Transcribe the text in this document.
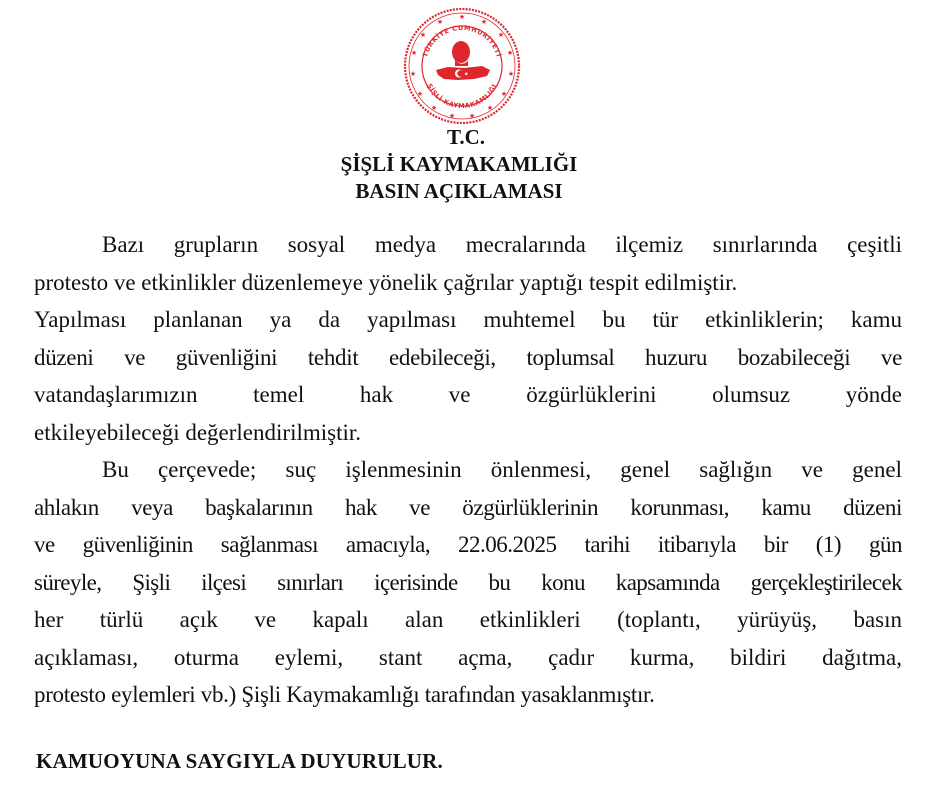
★
★
★
★
★
★
★
★
★
★
★
★
★
★
★
TÜRKİYE CUMHURİYETİ
ŞİŞLİ KAYMAKAMLIĞI
★
T.C.
ŞİŞLİ KAYMAKAMLIĞI
BASIN AÇIKLAMASI
Bazı grupların sosyal medya mecralarında ilçemiz sınırlarında çeşitli
protesto ve etkinlikler düzenlemeye yönelik çağrılar yaptığı tespit edilmiştir.
Yapılması planlanan ya da yapılması muhtemel bu tür etkinliklerin; kamu
düzeni ve güvenliğini tehdit edebileceği, toplumsal huzuru bozabileceği ve
vatandaşlarımızın temel hak ve özgürlüklerini olumsuz yönde
etkileyebileceği değerlendirilmiştir.
Bu çerçevede; suç işlenmesinin önlenmesi, genel sağlığın ve genel
ahlakın veya başkalarının hak ve özgürlüklerinin korunması, kamu düzeni
ve güvenliğinin sağlanması amacıyla, 22.06.2025 tarihi itibarıyla bir (1) gün
süreyle, Şişli ilçesi sınırları içerisinde bu konu kapsamında gerçekleştirilecek
her türlü açık ve kapalı alan etkinlikleri (toplantı, yürüyüş, basın
açıklaması, oturma eylemi, stant açma, çadır kurma, bildiri dağıtma,
protesto eylemleri vb.) Şişli Kaymakamlığı tarafından yasaklanmıştır.
KAMUOYUNA SAYGIYLA DUYURULUR.
